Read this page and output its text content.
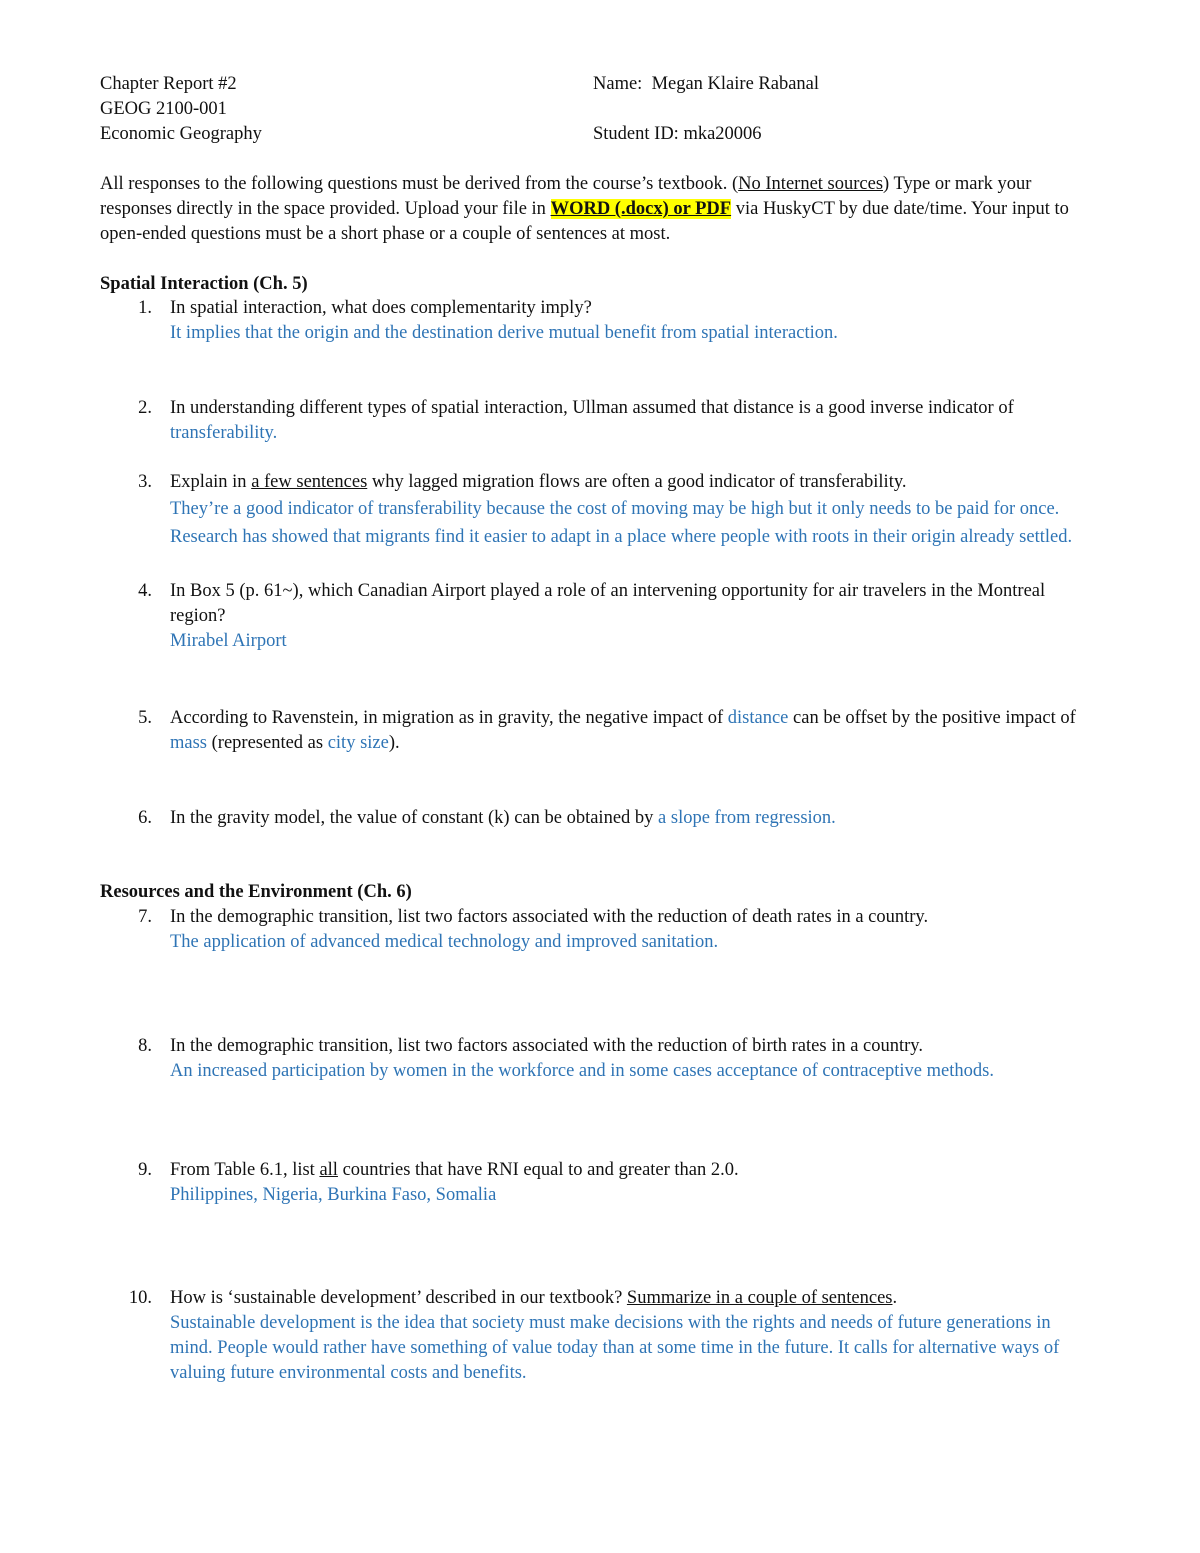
Chapter Report #2
GEOG 2100-001
Economic Geography
Name: Megan Klaire Rabanal
Student ID: mka20006
All responses to the following questions must be derived from the course’s textbook. (No Internet sources) Type or mark your responses directly in the space provided. Upload your file in WORD (.docx) or PDF via HuskyCT by due date/time. Your input to open-ended questions must be a short phase or a couple of sentences at most.
Spatial Interaction (Ch. 5)
1. In spatial interaction, what does complementarity imply?
It implies that the origin and the destination derive mutual benefit from spatial interaction.
2. In understanding different types of spatial interaction, Ullman assumed that distance is a good inverse indicator of transferability.
3. Explain in a few sentences why lagged migration flows are often a good indicator of transferability.
They’re a good indicator of transferability because the cost of moving may be high but it only needs to be paid for once. Research has showed that migrants find it easier to adapt in a place where people with roots in their origin already settled.
4. In Box 5 (p. 61~), which Canadian Airport played a role of an intervening opportunity for air travelers in the Montreal region?
Mirabel Airport
5. According to Ravenstein, in migration as in gravity, the negative impact of distance can be offset by the positive impact of mass (represented as city size).
6. In the gravity model, the value of constant (k) can be obtained by a slope from regression.
Resources and the Environment (Ch. 6)
7. In the demographic transition, list two factors associated with the reduction of death rates in a country.
The application of advanced medical technology and improved sanitation.
8. In the demographic transition, list two factors associated with the reduction of birth rates in a country.
An increased participation by women in the workforce and in some cases acceptance of contraceptive methods.
9. From Table 6.1, list all countries that have RNI equal to and greater than 2.0.
Philippines, Nigeria, Burkina Faso, Somalia
10. How is ‘sustainable development’ described in our textbook? Summarize in a couple of sentences.
Sustainable development is the idea that society must make decisions with the rights and needs of future generations in mind. People would rather have something of value today than at some time in the future. It calls for alternative ways of valuing future environmental costs and benefits.
